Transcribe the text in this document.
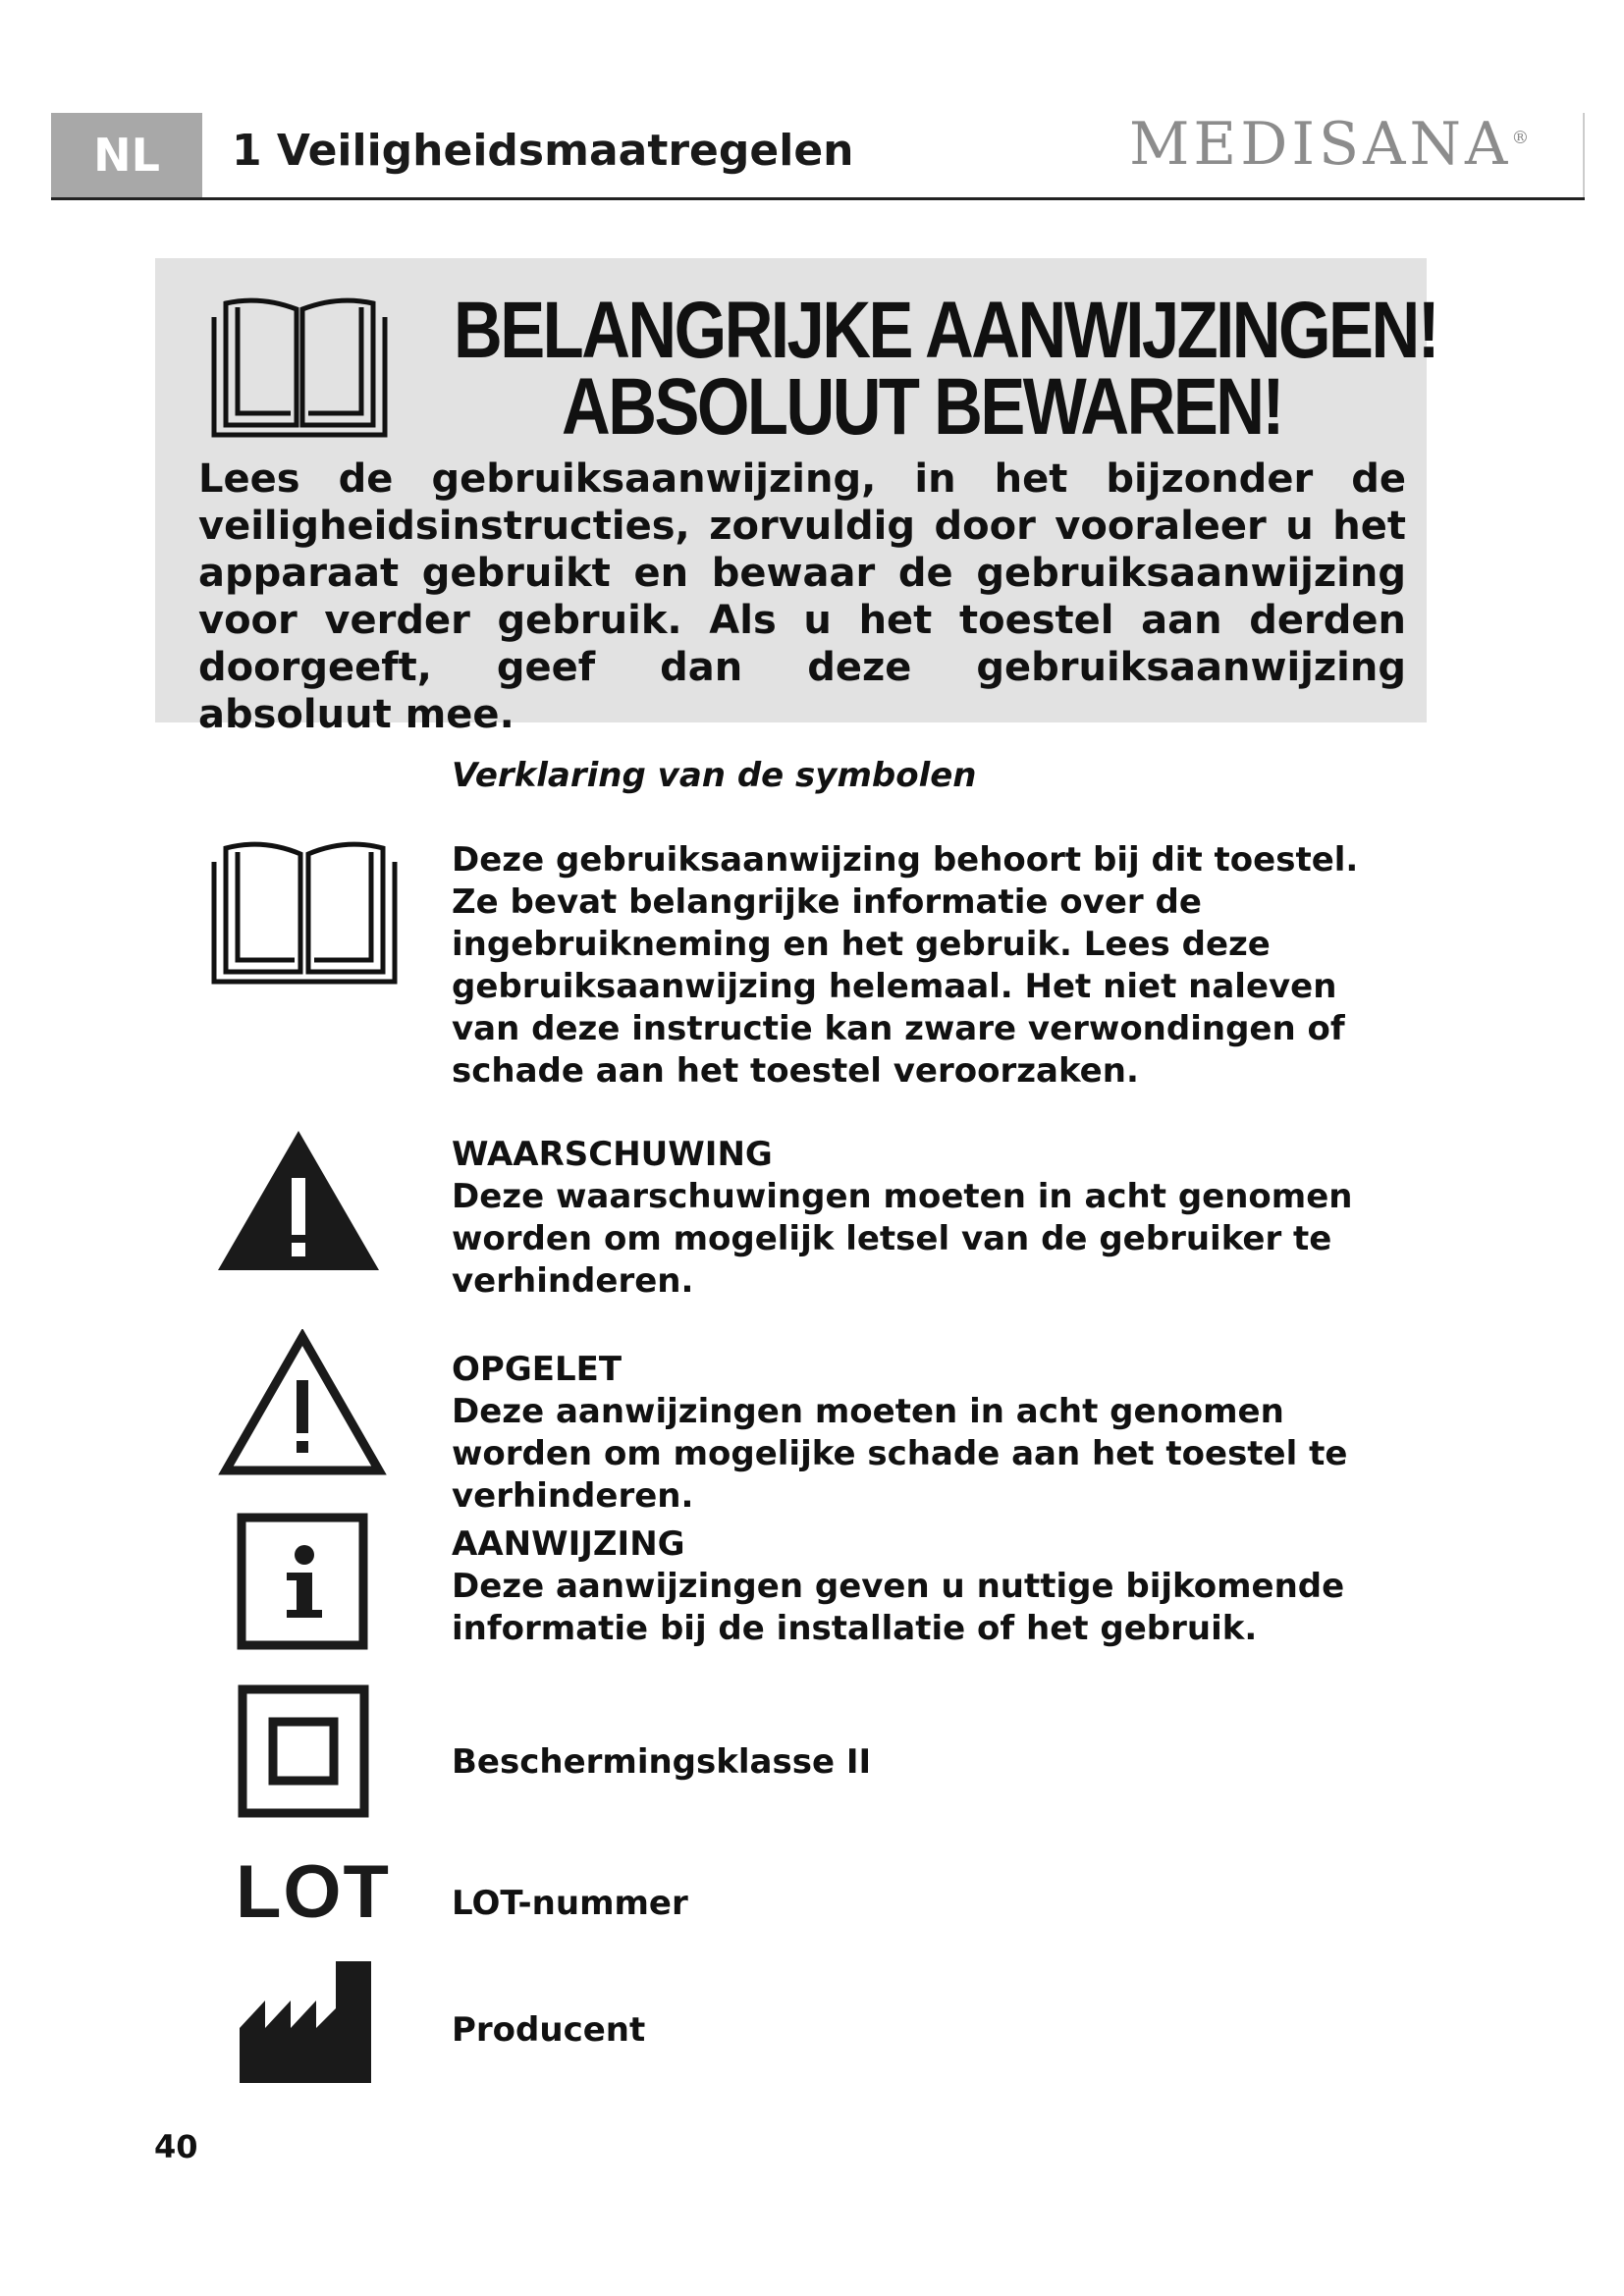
NL	1 Veiligheidsmaatregelen	MEDISANA®
BELANGRIJKE AANWIJZINGEN!
ABSOLUUT BEWAREN!
Lees de gebruiksaanwijzing, in het bijzonder de veiligheidsinstructies, zorvuldig door vooraleer u het apparaat gebruikt en bewaar de gebruiksaanwijzing voor verder gebruik. Als u het toestel aan derden doorgeeft, geef dan deze gebruiksaanwijzing absoluut mee.
Verklaring van de symbolen
Deze gebruiksaanwijzing behoort bij dit toestel. Ze bevat belangrijke informatie over de ingebruikneming en het gebruik. Lees deze gebruiksaanwijzing helemaal. Het niet naleven van deze instructie kan zware verwondingen of schade aan het toestel veroorzaken.
WAARSCHUWING
Deze waarschuwingen moeten in acht genomen worden om mogelijk letsel van de gebruiker te verhinderen.
OPGELET
Deze aanwijzingen moeten in acht genomen worden om mogelijke schade aan het toestel te verhinderen.
AANWIJZING
Deze aanwijzingen geven u nuttige bijkomende informatie bij de installatie of het gebruik.
Beschermingsklasse II
LOT LOT-nummer
Producent
40
